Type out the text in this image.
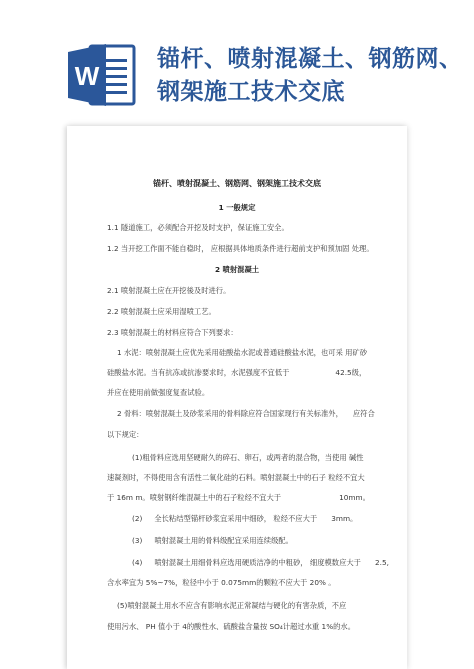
W
锚杆、喷射混凝土、钢筋网、
钢架施工技术交底
锚杆、喷射混凝土、钢筋网、钢架施工技术交底
1 一般规定
1.1 隧道施工，必须配合开挖及时支护，保证施工安全。
1.2 当开挖工作面不能自稳时， 应根据具体地质条件进行超前支护和预加固 处理。
2 喷射混凝土
2.1 喷射混凝土应在开挖後及时进行。
2.2 喷射混凝土应采用湿喷工艺。
2.3 喷射混凝土的材料应符合下列要求：
1 水泥：喷射混凝土应优先采用硅酸盐水泥或普通硅酸盐水泥，也可采 用矿砂
硅酸盐水泥。当有抗冻或抗渗要求时，水泥强度不宜低于	42.5级，
并应在使用前做强度复查试验。
2 骨料：喷射混凝土及砂浆采用的骨料除应符合国家现行有关标准外， 应符合
以下规定：
(1)粗骨料应选用坚硬耐久的碎石、卵石，或两者的混合物，当使用 碱性
速凝剂时，不得使用含有活性二氧化硅的石料。喷射混凝土中的石子 粒经不宜大
于 16m m。喷射钢纤维混凝土中的石子粒经不宜大于	10mm。
(2) 全长粘结型锚杆砂浆宜采用中细砂， 粒经不应大于 3mm。
(3) 喷射混凝土用的骨料级配宜采用连续级配。
(4) 喷射混凝土用细骨料应选用硬质洁净的中粗砂， 细度模数应大于 2.5,
含水率宜为 5%~7%，粒径中小于 0.075mm的颗粒不应大于 20% 。
(5)喷射混凝土用水不应含有影响水泥正常凝结与硬化的有害杂质，不应
使用污水、 PH 值小于 4的酸性水、硫酸盐含量按 SO₄计超过水重 1%的水。
